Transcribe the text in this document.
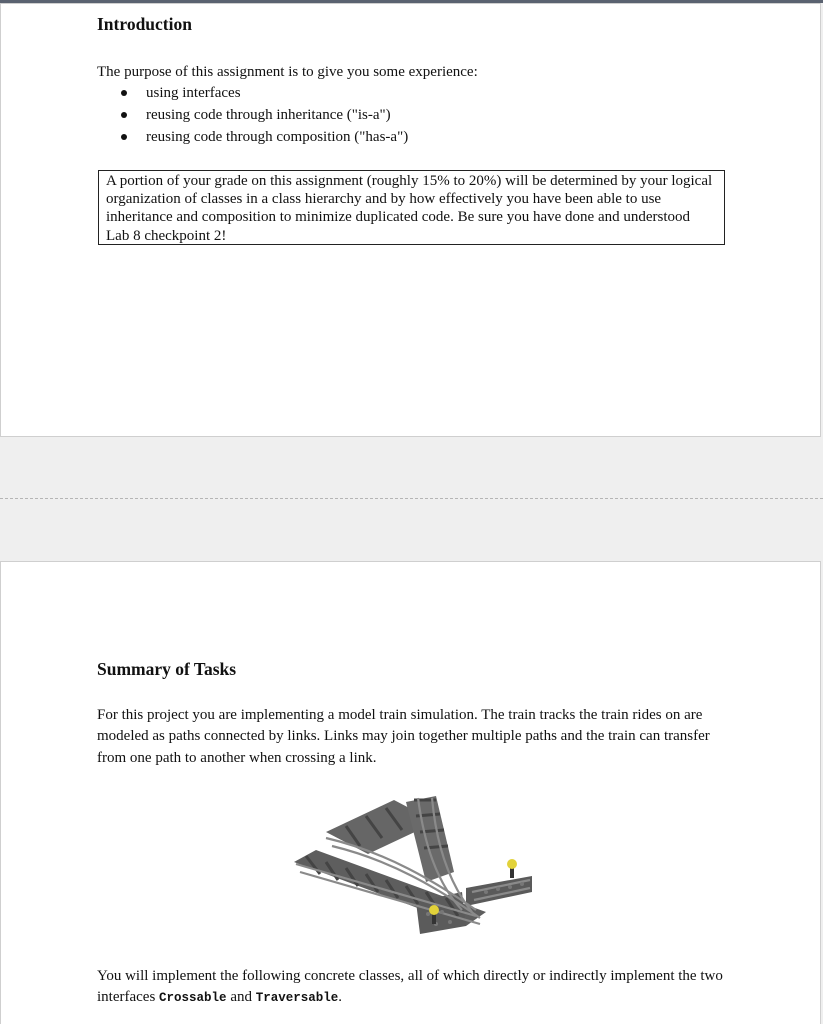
Introduction

The purpose of this assignment is to give you some experience:

using interfaces
reusing code through inheritance ("is-a")
reusing code through composition ("has-a")
A portion of your grade on this assignment (roughly 15% to 20%) will be determined by your logical organization of classes in a class hierarchy and by how effectively you have been able to use inheritance and composition to minimize duplicated code. Be sure you have done and understood Lab 8 checkpoint 2!
Summary of Tasks

For this project you are implementing a model train simulation. The train tracks the train rides on are modeled as paths connected by links. Links may join together multiple paths and the train can transfer from one path to another when crossing a link.

You will implement the following concrete classes, all of which directly or indirectly implement the two interfaces Crossable and Traversable.
